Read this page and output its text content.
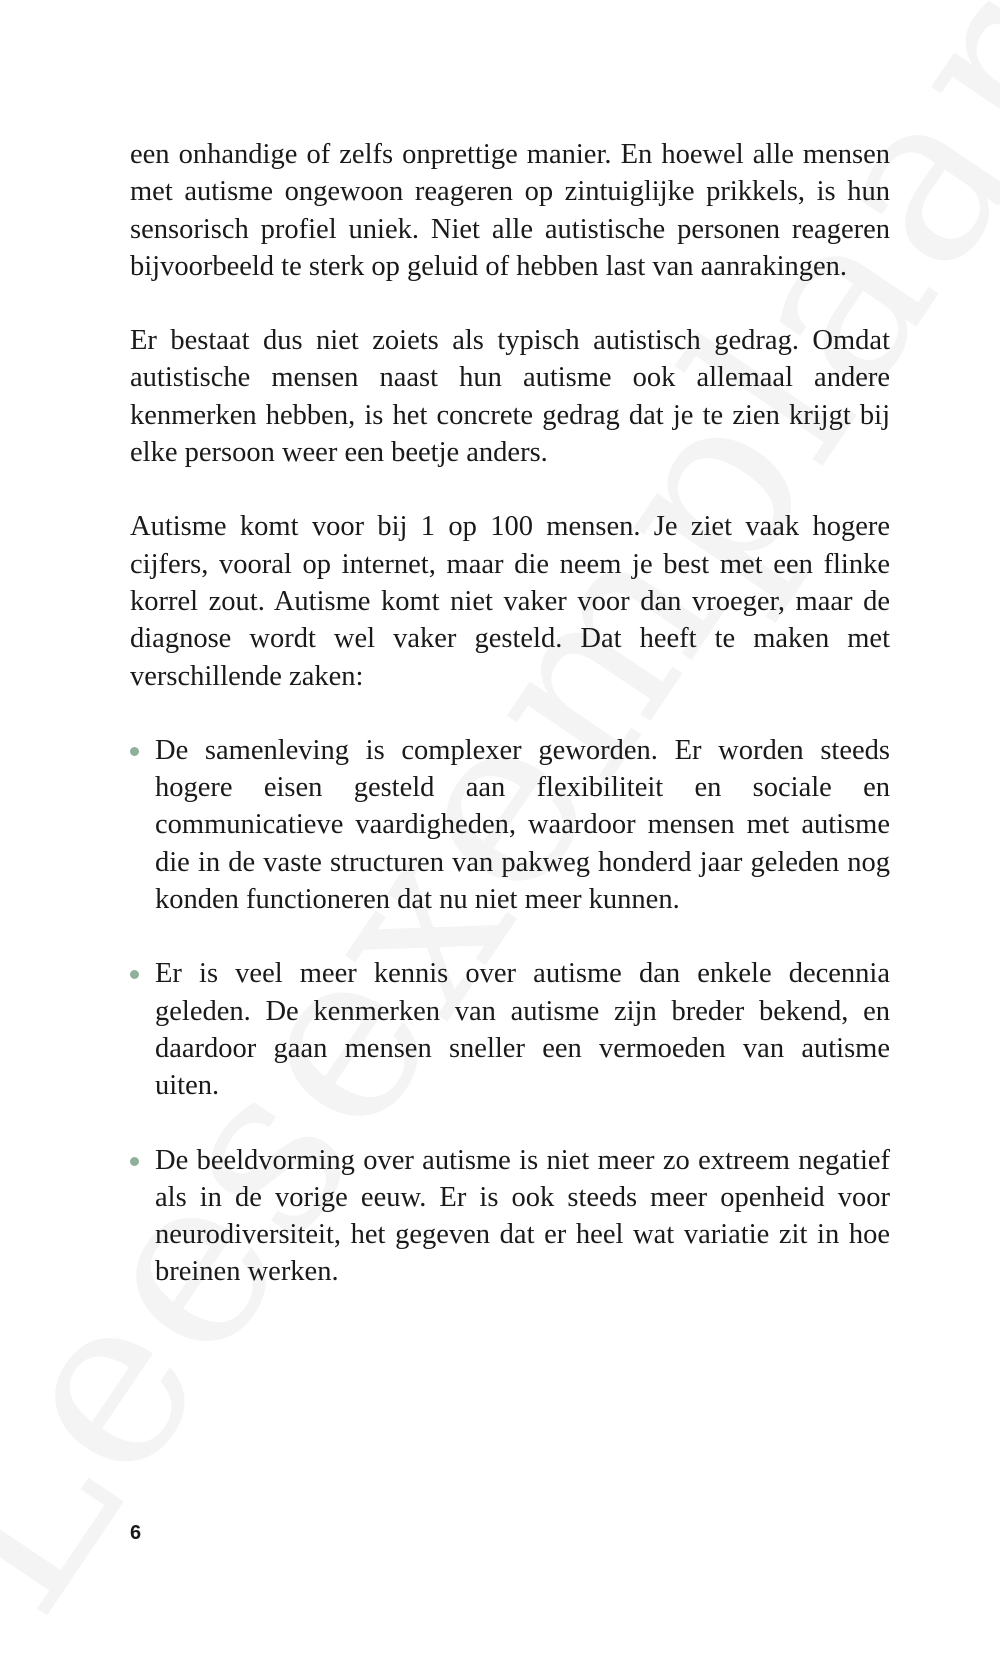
een onhandige of zelfs onprettige manier. En hoewel alle mensen met autisme ongewoon reageren op zintuiglijke prikkels, is hun sensorisch profiel uniek. Niet alle autistische personen reageren bijvoorbeeld te sterk op geluid of hebben last van aanrakingen.

Er bestaat dus niet zoiets als typisch autistisch gedrag. Omdat autistische mensen naast hun autisme ook allemaal andere kenmerken hebben, is het concrete gedrag dat je te zien krijgt bij elke persoon weer een beetje anders.

Autisme komt voor bij 1 op 100 mensen. Je ziet vaak hogere cijfers, vooral op internet, maar die neem je best met een flinke korrel zout. Autisme komt niet vaker voor dan vroeger, maar de diagnose wordt wel vaker gesteld. Dat heeft te maken met verschillende zaken:

De samenleving is complexer geworden. Er worden steeds hogere eisen gesteld aan flexibiliteit en sociale en communicatieve vaardigheden, waardoor mensen met autisme die in de vaste structuren van pakweg honderd jaar geleden nog konden functioneren dat nu niet meer kunnen.
Er is veel meer kennis over autisme dan enkele decennia geleden. De kenmerken van autisme zijn breder bekend, en daardoor gaan mensen sneller een vermoeden van autisme uiten.
De beeldvorming over autisme is niet meer zo extreem negatief als in de vorige eeuw. Er is ook steeds meer openheid voor neurodiversiteit, het gegeven dat er heel wat variatie zit in hoe breinen werken.
6
